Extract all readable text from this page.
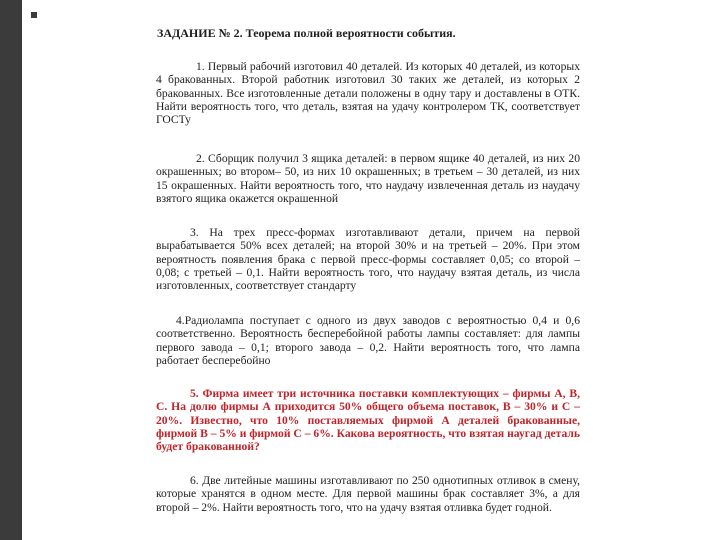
ЗАДАНИЕ № 2. Теорема полной вероятности события.

1. Первый рабочий изготовил 40 деталей. Из которых 40 деталей, из которых 4 бракованных. Второй работник изготовил 30 таких же деталей, из которых 2 бракованных. Все изготовленные детали положены в одну тару и доставлены в ОТК. Найти вероятность того, что деталь, взятая на удачу контролером ТК, соответствует ГОСТу

2. Сборщик получил 3 ящика деталей: в первом ящике 40 деталей, из них 20 окрашенных; во втором– 50, из них 10 окрашенных; в третьем – 30 деталей, из них 15 окрашенных. Найти вероятность того, что наудачу извлеченная деталь из наудачу взятого ящика окажется окрашенной

3. На трех пресс-формах изготавливают детали, причем на первой вырабатывается 50% всех деталей; на второй 30% и на третьей – 20%. При этом вероятность появления брака с первой пресс-формы составляет 0,05; со второй – 0,08; с третьей – 0,1. Найти вероятность того, что наудачу взятая деталь, из числа изготовленных, соответствует стандарту

4.Радиолампа поступает с одного из двух заводов с вероятностью 0,4 и 0,6 соответственно. Вероятность бесперебойной работы лампы составляет: для лампы первого завода – 0,1; второго завода – 0,2. Найти вероятность того, что лампа работает бесперебойно

5. Фирма имеет три источника поставки комплектующих – фирмы А, В, С. На долю фирмы А приходится 50% общего объема поставок, В – 30% и С – 20%. Известно, что 10% поставляемых фирмой А деталей бракованные, фирмой В – 5% и фирмой С – 6%. Какова вероятность, что взятая наугад деталь будет бракованной?

6. Две литейные машины изготавливают по 250 однотипных отливок в смену, которые хранятся в одном месте. Для первой машины брак составляет 3%, а для второй – 2%. Найти вероятность того, что на удачу взятая отливка будет годной.
